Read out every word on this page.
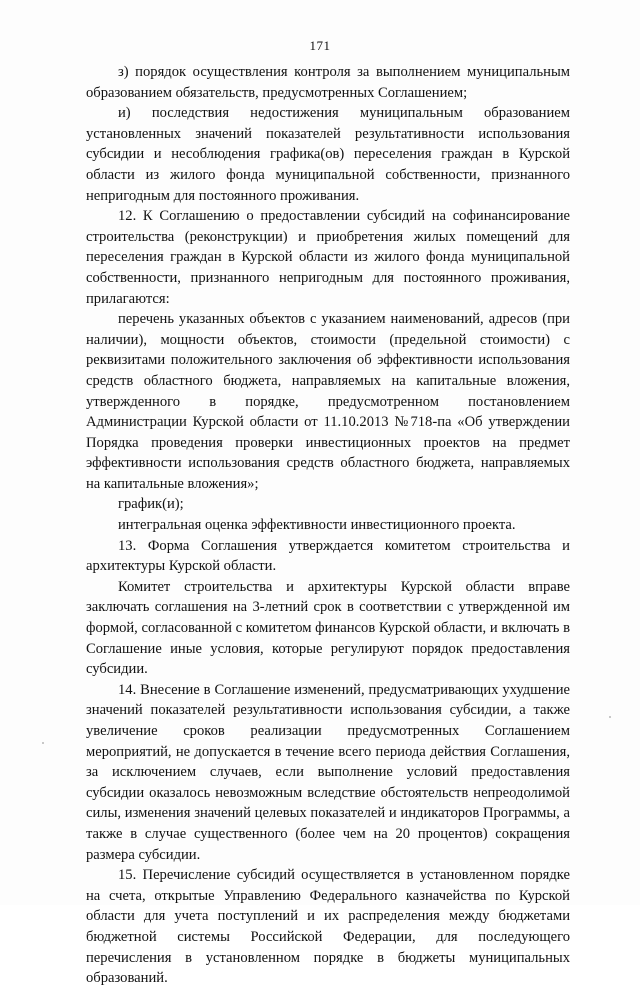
171

з) порядок осуществления контроля за выполнением муниципальным образованием обязательств, предусмотренных Соглашением;

и) последствия недостижения муниципальным образованием установленных значений показателей результативности использования субсидии и несоблюдения графика(ов) переселения граждан в Курской области из жилого фонда муниципальной собственности, признанного непригодным для постоянного проживания.

12. К Соглашению о предоставлении субсидий на софинансирование строительства (реконструкции) и приобретения жилых помещений для переселения граждан в Курской области из жилого фонда муниципальной собственности, признанного непригодным для постоянного проживания, прилагаются:

перечень указанных объектов с указанием наименований, адресов (при наличии), мощности объектов, стоимости (предельной стоимости) с реквизитами положительного заключения об эффективности использования средств областного бюджета, направляемых на капитальные вложения, утвержденного в порядке, предусмотренном постановлением Администрации Курской области от 11.10.2013 №718-па «Об утверждении Порядка проведения проверки инвестиционных проектов на предмет эффективности использования средств областного бюджета, направляемых на капитальные вложения»;

график(и);

интегральная оценка эффективности инвестиционного проекта.

13. Форма Соглашения утверждается комитетом строительства и архитектуры Курской области.

Комитет строительства и архитектуры Курской области вправе заключать соглашения на 3-летний срок в соответствии с утвержденной им формой, согласованной с комитетом финансов Курской области, и включать в Соглашение иные условия, которые регулируют порядок предоставления субсидии.

14. Внесение в Соглашение изменений, предусматривающих ухудшение значений показателей результативности использования субсидии, а также увеличение сроков реализации предусмотренных Соглашением мероприятий, не допускается в течение всего периода действия Соглашения, за исключением случаев, если выполнение условий предоставления субсидии оказалось невозможным вследствие обстоятельств непреодолимой силы, изменения значений целевых показателей и индикаторов Программы, а также в случае существенного (более чем на 20 процентов) сокращения размера субсидии.

15. Перечисление субсидий осуществляется в установленном порядке на счета, открытые Управлению Федерального казначейства по Курской области для учета поступлений и их распределения между бюджетами бюджетной системы Российской Федерации, для последующего перечисления в установленном порядке в бюджеты муниципальных образований.
